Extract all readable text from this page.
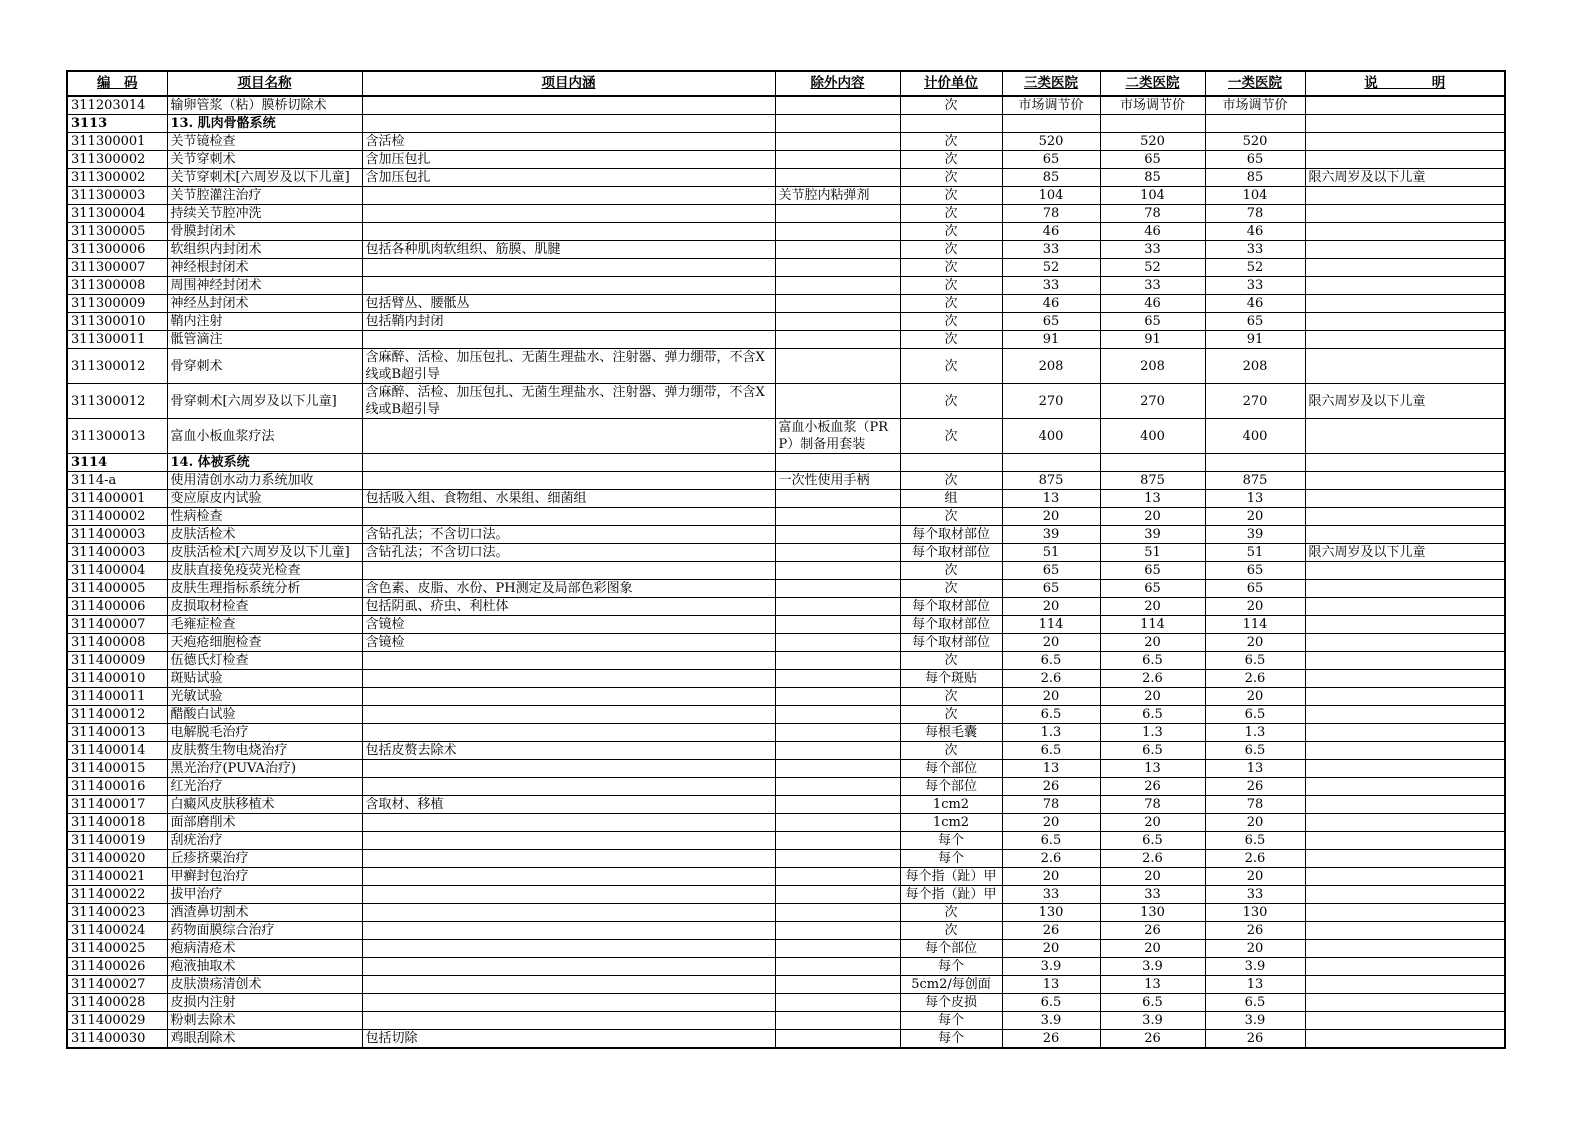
编　码	项目名称	项目内涵	除外内容	计价单位	三类医院	二类医院	一类医院	说　　　　明
311203014	输卵管浆（粘）膜桥切除术			次	市场调节价	市场调节价	市场调节价	
3113	13. 肌肉骨骼系统							
311300001	关节镜检查	含活检		次	520	520	520	
311300002	关节穿刺术	含加压包扎		次	65	65	65	
311300002	关节穿刺术[六周岁及以下儿童]	含加压包扎		次	85	85	85	限六周岁及以下儿童
311300003	关节腔灌注治疗		关节腔内粘弹剂	次	104	104	104	
311300004	持续关节腔冲洗			次	78	78	78	
311300005	骨膜封闭术			次	46	46	46	
311300006	软组织内封闭术	包括各种肌肉软组织、筋膜、肌腱		次	33	33	33	
311300007	神经根封闭术			次	52	52	52	
311300008	周围神经封闭术			次	33	33	33	
311300009	神经丛封闭术	包括臂丛、腰骶丛		次	46	46	46	
311300010	鞘内注射	包括鞘内封闭		次	65	65	65	
311300011	骶管滴注			次	91	91	91	
311300012	骨穿刺术	含麻醉、活检、加压包扎、无菌生理盐水、注射器、弹力绷带，不含X线或B超引导		次	208	208	208	
311300012	骨穿刺术[六周岁及以下儿童]	含麻醉、活检、加压包扎、无菌生理盐水、注射器、弹力绷带，不含X线或B超引导		次	270	270	270	限六周岁及以下儿童
311300013	富血小板血浆疗法		富血小板血浆（PRP）制备用套装	次	400	400	400	
3114	14. 体被系统							
3114-a	使用清创水动力系统加收		一次性使用手柄	次	875	875	875	
311400001	变应原皮内试验	包括吸入组、食物组、水果组、细菌组		组	13	13	13	
311400002	性病检查			次	20	20	20	
311400003	皮肤活检术	含钻孔法；不含切口法。		每个取材部位	39	39	39	
311400003	皮肤活检术[六周岁及以下儿童]	含钻孔法；不含切口法。		每个取材部位	51	51	51	限六周岁及以下儿童
311400004	皮肤直接免疫荧光检查			次	65	65	65	
311400005	皮肤生理指标系统分析	含色素、皮脂、水份、PH测定及局部色彩图象		次	65	65	65	
311400006	皮损取材检查	包括阴虱、疥虫、利杜体		每个取材部位	20	20	20	
311400007	毛雍症检查	含镜检		每个取材部位	114	114	114	
311400008	天疱疮细胞检查	含镜检		每个取材部位	20	20	20	
311400009	伍德氏灯检查			次	6.5	6.5	6.5	
311400010	斑贴试验			每个斑贴	2.6	2.6	2.6	
311400011	光敏试验			次	20	20	20	
311400012	醋酸白试验			次	6.5	6.5	6.5	
311400013	电解脱毛治疗			每根毛囊	1.3	1.3	1.3	
311400014	皮肤赘生物电烧治疗	包括皮赘去除术		次	6.5	6.5	6.5	
311400015	黑光治疗(PUVA治疗)			每个部位	13	13	13	
311400016	红光治疗			每个部位	26	26	26	
311400017	白癜风皮肤移植术	含取材、移植		1cm2	78	78	78	
311400018	面部磨削术			1cm2	20	20	20	
311400019	刮疣治疗			每个	6.5	6.5	6.5	
311400020	丘疹挤粟治疗			每个	2.6	2.6	2.6	
311400021	甲癣封包治疗			每个指（趾）甲	20	20	20	
311400022	拔甲治疗			每个指（趾）甲	33	33	33	
311400023	酒渣鼻切割术			次	130	130	130	
311400024	药物面膜综合治疗			次	26	26	26	
311400025	疱病清疮术			每个部位	20	20	20	
311400026	疱液抽取术			每个	3.9	3.9	3.9	
311400027	皮肤溃疡清创术			5cm2/每创面	13	13	13	
311400028	皮损内注射			每个皮损	6.5	6.5	6.5	
311400029	粉刺去除术			每个	3.9	3.9	3.9	
311400030	鸡眼刮除术	包括切除		每个	26	26	26	
